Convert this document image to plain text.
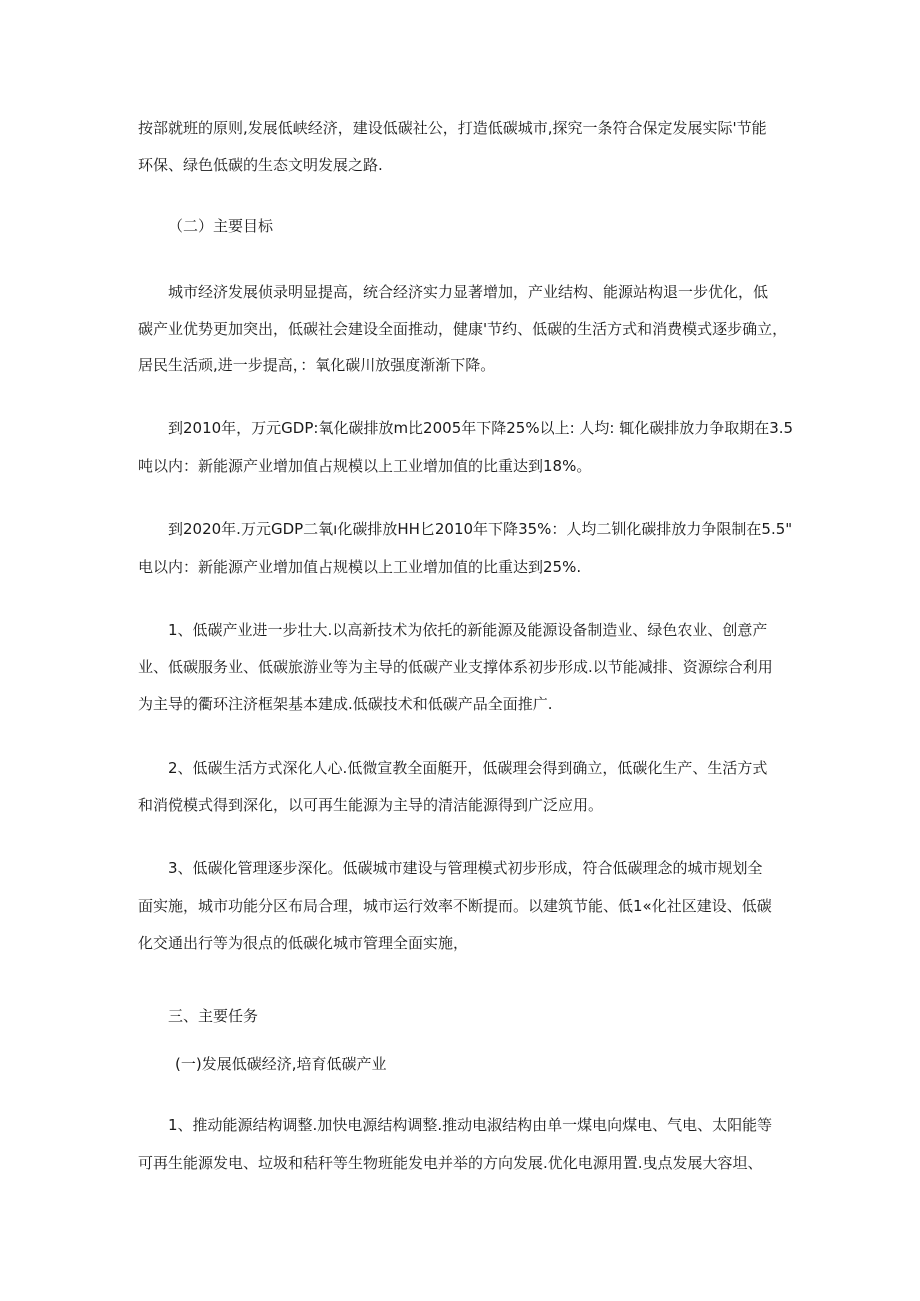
按部就班的原则,发展低峡经济，建设低碳社公，打造低碳城市,探究一条符合保定发展实际'节能

环保、绿色低碳的生态文明发展之路.

（二）主要目标

城市经济发展侦录明显提高，统合经济实力显著增加，产业结构、能源站构退一步优化，低

碳产业优势更加突出，低碳社会建设全面推动，健康'节约、低碳的生活方式和消费模式逐步确立，

居民生活顽,进一步提高，：氧化碳川放强度渐渐下降。

到2010年，万元GDP:氧化碳排放m比2005年下降25%以上: 人均: 辄化碳排放力争取期在3.5

吨以内：新能源产业增加值占规模以上工业增加值的比重达到18%。

到2020年.万元GDP二氧ı化碳排放HH匕2010年下降35%：人均二钏化碳排放力争限制在5.5"

电以内：新能源产业增加值占规模以上工业增加值的比重达到25%.

1、低碳产业进一步壮大.以高新技术为依托的新能源及能源设备制造业、绿色农业、创意产

业、低碳服务业、低碳旅游业等为主导的低碳产业支撑体系初步形成.以节能减排、资源综合利用

为主导的衢环注济框架基本建成.低碳技术和低碳产品全面推广.

2、低碳生活方式深化人心.低微宣教全面艇开，低碳理会得到确立，低碳化生产、生活方式

和消傥模式得到深化，以可再生能源为主导的清洁能源得到广泛应用。

3、低碳化管理逐步深化。低碳城市建设与管理模式初步形成，符合低碳理念的城市规划全

面实施，城市功能分区布局合理，城市运行效率不断提而。以建筑节能、低1«化社区建设、低碳

化交通出行等为很点的低碳化城市管理全面实施，

三、主要任务

(一)发展低碳经济,培育低碳产业

1、推动能源结构调整.加快电源结构调整.推动电淑结构由单一煤电向煤电、气电、太阳能等

可再生能源发电、垃圾和秸秆等生物班能发电并举的方向发展.优化电源用置.曳点发展大容坦、
